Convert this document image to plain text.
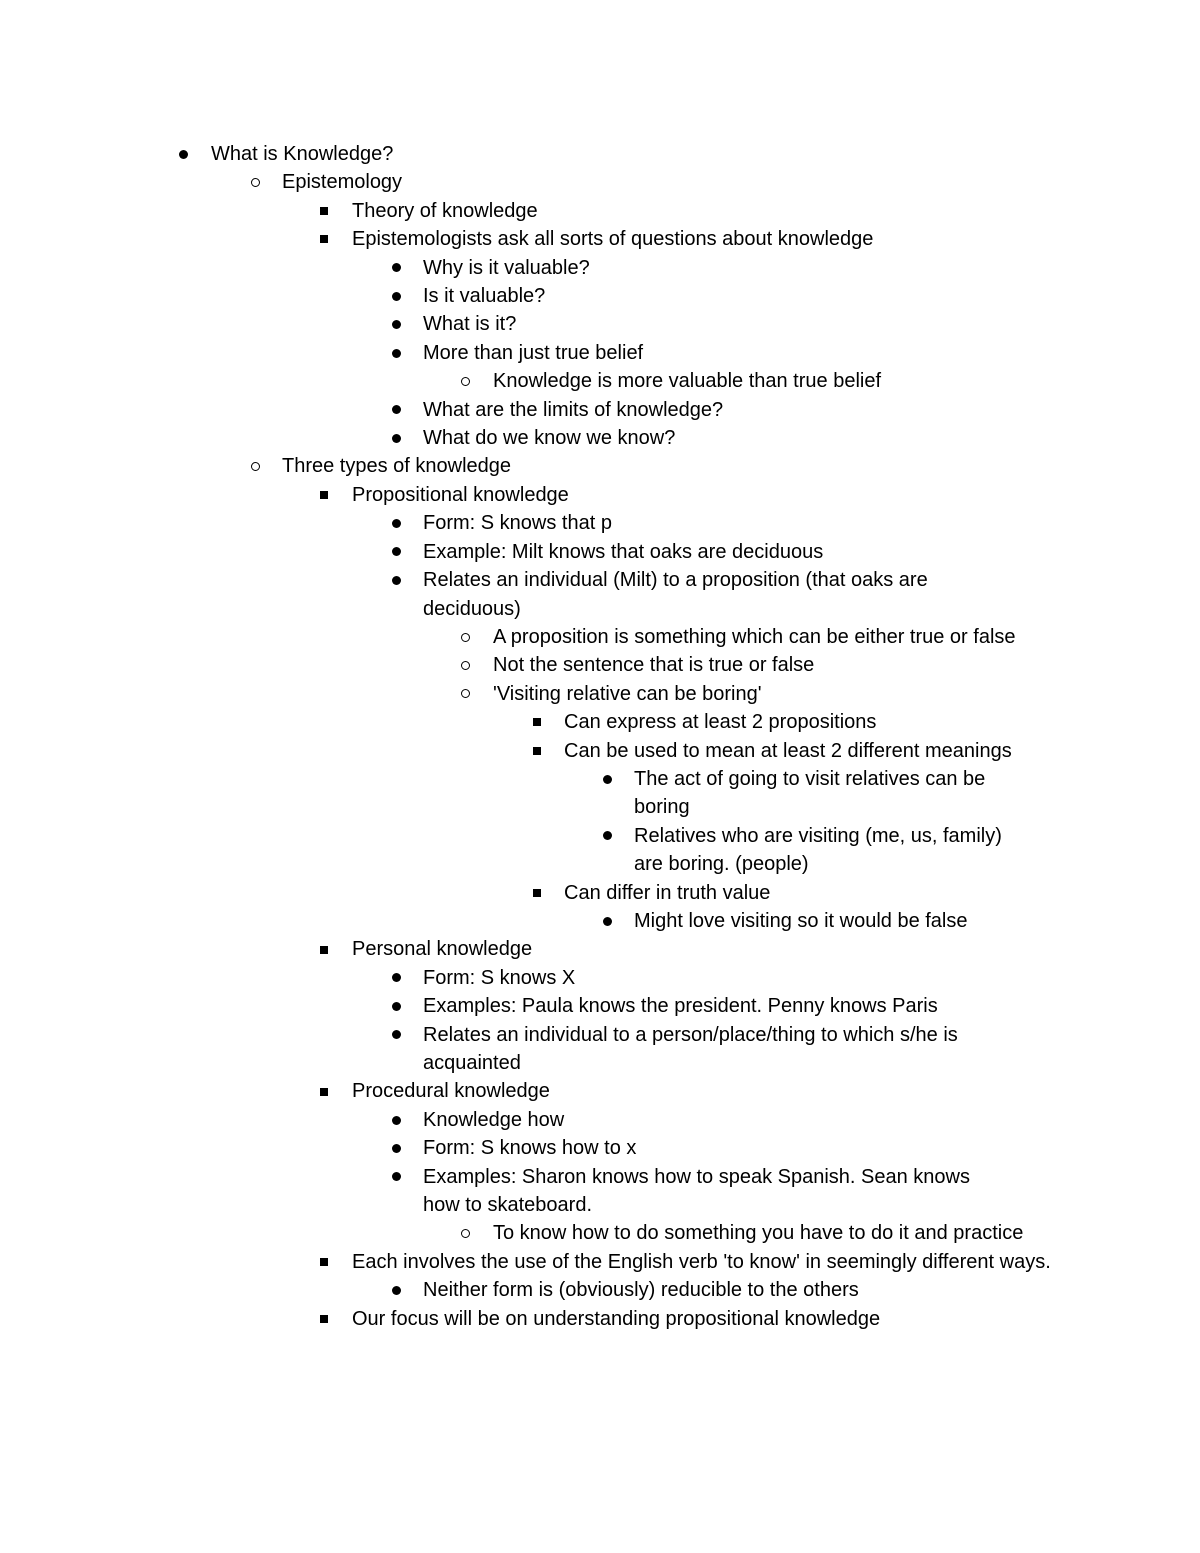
What is Knowledge?
Epistemology
Theory of knowledge
Epistemologists ask all sorts of questions about knowledge
Why is it valuable?
Is it valuable?
What is it?
More than just true belief
Knowledge is more valuable than true belief
What are the limits of knowledge?
What do we know we know?
Three types of knowledge
Propositional knowledge
Form: S knows that p
Example: Milt knows that oaks are deciduous
Relates an individual (Milt) to a proposition (that oaks are deciduous)
A proposition is something which can be either true or false
Not the sentence that is true or false
'Visiting relative can be boring'
Can express at least 2 propositions
Can be used to mean at least 2 different meanings
The act of going to visit relatives can be boring
Relatives who are visiting (me, us, family) are boring. (people)
Can differ in truth value
Might love visiting so it would be false
Personal knowledge
Form: S knows X
Examples: Paula knows the president. Penny knows Paris
Relates an individual to a person/place/thing to which s/he is acquainted
Procedural knowledge
Knowledge how
Form: S knows how to x
Examples: Sharon knows how to speak Spanish. Sean knows how to skateboard.
To know how to do something you have to do it and practice
Each involves the use of the English verb 'to know' in seemingly different ways.
Neither form is (obviously) reducible to the others
Our focus will be on understanding propositional knowledge
